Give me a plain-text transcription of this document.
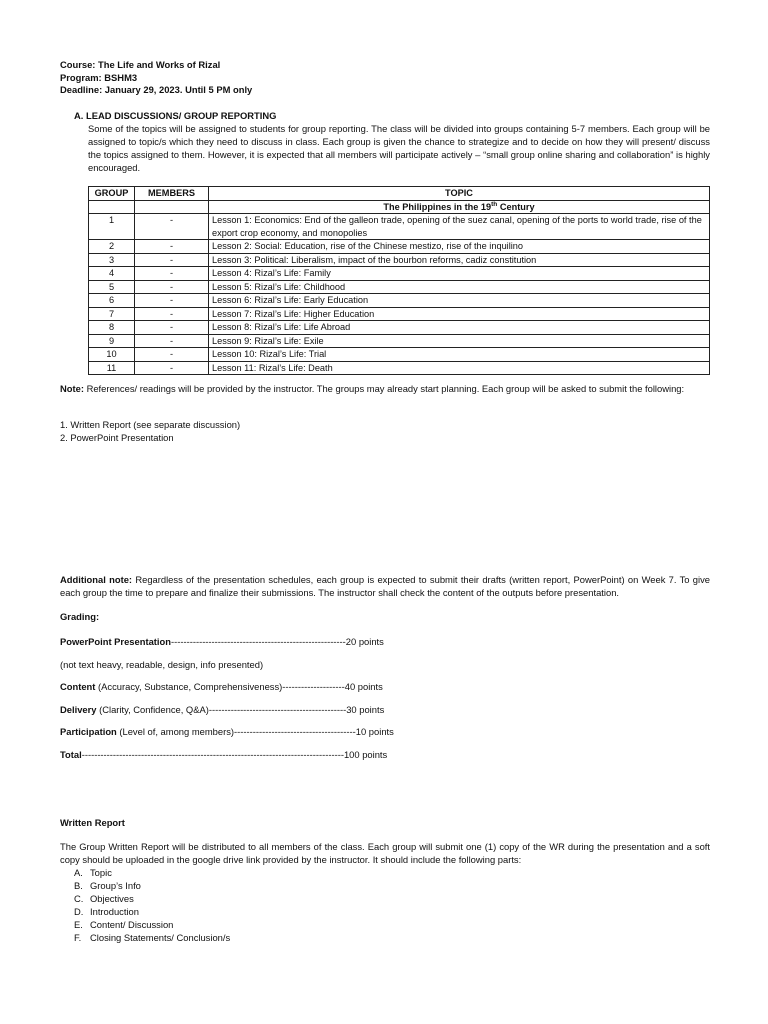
Course: The Life and Works of Rizal
Program: BSHM3
Deadline: January 29, 2023. Until 5 PM only
A. LEAD DISCUSSIONS/ GROUP REPORTING
Some of the topics will be assigned to students for group reporting. The class will be divided into groups containing 5-7 members. Each group will be assigned to topic/s which they need to discuss in class. Each group is given the chance to strategize and to decide on how they will present/ discuss the topics assigned to them. However, it is expected that all members will participate actively – “small group online sharing and collaboration” is highly encouraged.
GROUP	MEMBERS	TOPIC
		The Philippines in the 19th Century
1	-	Lesson 1: Economics: End of the galleon trade, opening of the suez canal, opening of the ports to world trade, rise of the export crop economy, and monopolies
2	-	Lesson 2: Social: Education, rise of the Chinese mestizo, rise of the inquilino
3	-	Lesson 3: Political: Liberalism, impact of the bourbon reforms, cadiz constitution
4	-	Lesson 4: Rizal’s Life: Family
5	-	Lesson 5: Rizal’s Life: Childhood
6	-	Lesson 6: Rizal’s Life: Early Education
7	-	Lesson 7: Rizal’s Life: Higher Education
8	-	Lesson 8: Rizal’s Life: Life Abroad
9	-	Lesson 9: Rizal’s Life: Exile
10	-	Lesson 10: Rizal’s Life: Trial
11	-	Lesson 11: Rizal’s Life: Death
Note: References/ readings will be provided by the instructor. The groups may already start planning. Each group will be asked to submit the following:
1. Written Report (see separate discussion)
2. PowerPoint Presentation
Additional note: Regardless of the presentation schedules, each group is expected to submit their drafts (written report, PowerPoint) on Week 7. To give each group the time to prepare and finalize their submissions. The instructor shall check the content of the outputs before presentation.
Grading:
PowerPoint Presentation--------------------------------------------------------20 points
(not text heavy, readable, design, info presented)
Content (Accuracy, Substance, Comprehensiveness)--------------------40 points
Delivery (Clarity, Confidence, Q&A)--------------------------------------------30 points
Participation (Level of, among members)---------------------------------------10 points
Total------------------------------------------------------------------------------------100 points
Written Report
The Group Written Report will be distributed to all members of the class. Each group will submit one (1) copy of the WR during the presentation and a soft copy should be uploaded in the google drive link provided by the instructor. It should include the following parts:
A. Topic
B. Group’s Info
C. Objectives
D. Introduction
E. Content/ Discussion
F. Closing Statements/ Conclusion/s
